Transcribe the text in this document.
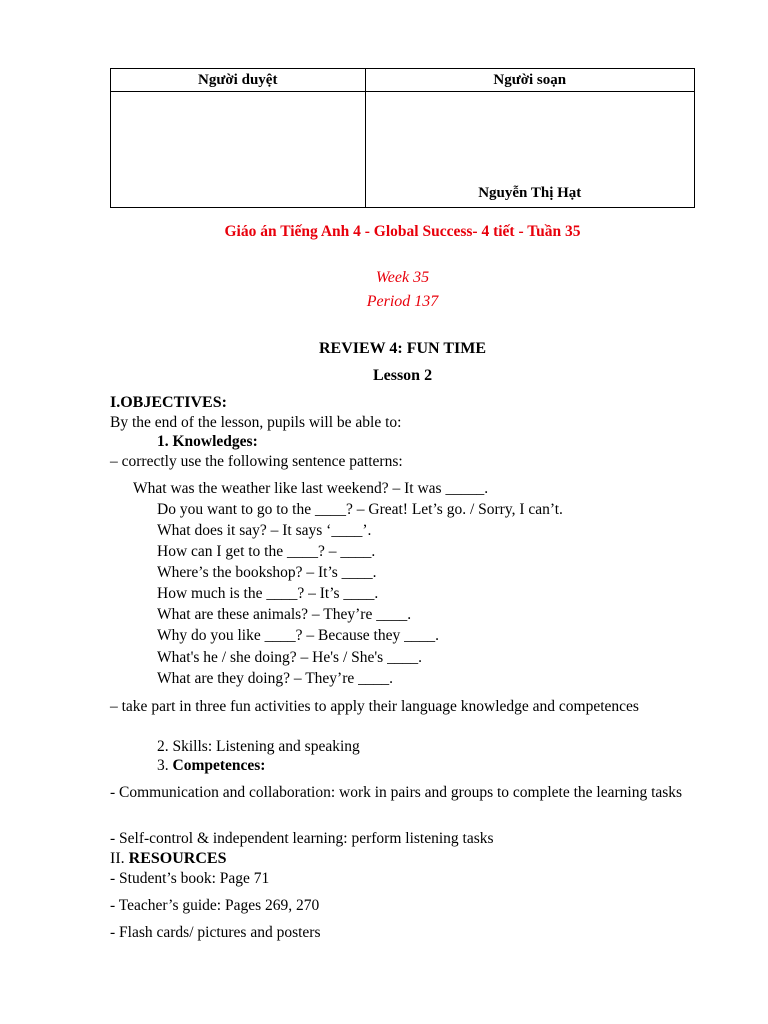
Người duyệt	Người soạn
	Nguyễn Thị Hạt
Giáo án Tiếng Anh 4 - Global Success- 4 tiết - Tuần 35
Week 35
Period 137
REVIEW 4: FUN TIME
Lesson 2
I.OBJECTIVES:
By the end of the lesson, pupils will be able to:
1. Knowledges:
– correctly use the following sentence patterns:
What was the weather like last weekend? – It was _____.
Do you want to go to the ____? – Great! Let’s go. / Sorry, I can’t.
What does it say? – It says ‘____’.
How can I get to the ____? – ____.
Where’s the bookshop? – It’s ____.
How much is the ____? – It’s ____.
What are these animals? – They’re ____.
Why do you like ____? – Because they ____.
What's he / she doing? – He's / She's ____.
What are they doing? – They’re ____.
– take part in three fun activities to apply their language knowledge and competences
2. Skills: Listening and speaking
3. Competences:
- Communication and collaboration: work in pairs and groups to complete the learning tasks
- Self-control & independent learning: perform listening tasks
II. RESOURCES
- Student’s book: Page 71
- Teacher’s guide: Pages 269, 270
- Flash cards/ pictures and posters
